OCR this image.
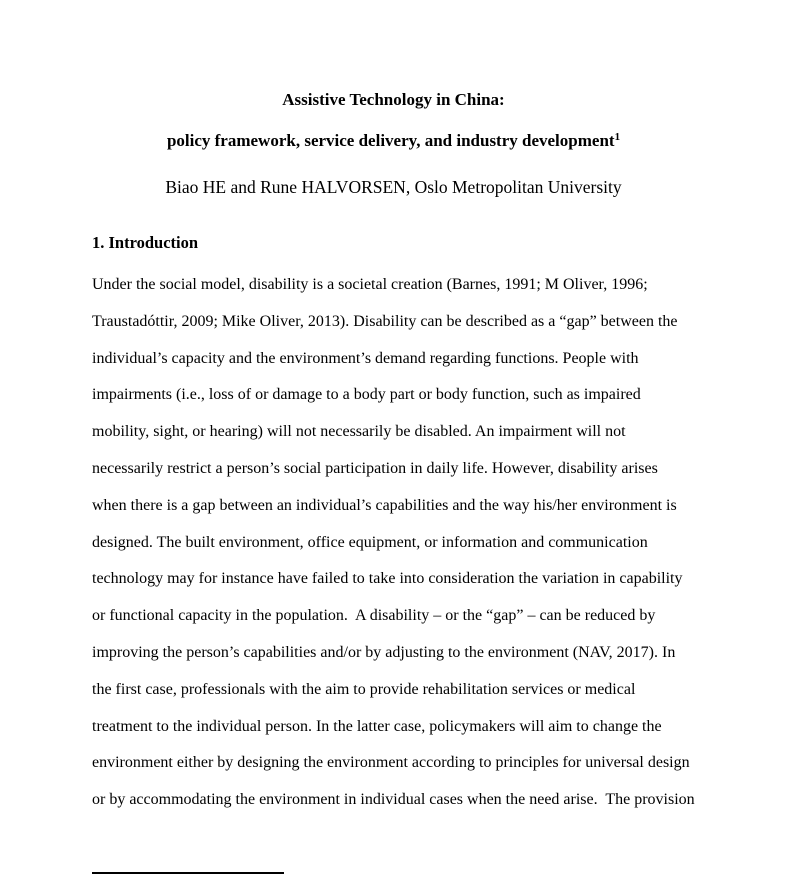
Assistive Technology in China:
policy framework, service delivery, and industry development$^1$
Biao HE and Rune HALVORSEN, Oslo Metropolitan University
1. Introduction
Under the social model, disability is a societal creation (Barnes, 1991; M Oliver, 1996;
Traustadóttir, 2009; Mike Oliver, 2013). Disability can be described as a “gap” between the
individual’s capacity and the environment’s demand regarding functions. People with
impairments (i.e., loss of or damage to a body part or body function, such as impaired
mobility, sight, or hearing) will not necessarily be disabled. An impairment will not
necessarily restrict a person’s social participation in daily life. However, disability arises
when there is a gap between an individual’s capabilities and the way his/her environment is
designed. The built environment, office equipment, or information and communication
technology may for instance have failed to take into consideration the variation in capability
or functional capacity in the population.  A disability – or the “gap” – can be reduced by
improving the person’s capabilities and/or by adjusting to the environment (NAV, 2017). In
the first case, professionals with the aim to provide rehabilitation services or medical
treatment to the individual person. In the latter case, policymakers will aim to change the
environment either by designing the environment according to principles for universal design
or by accommodating the environment in individual cases when the need arise.  The provision
